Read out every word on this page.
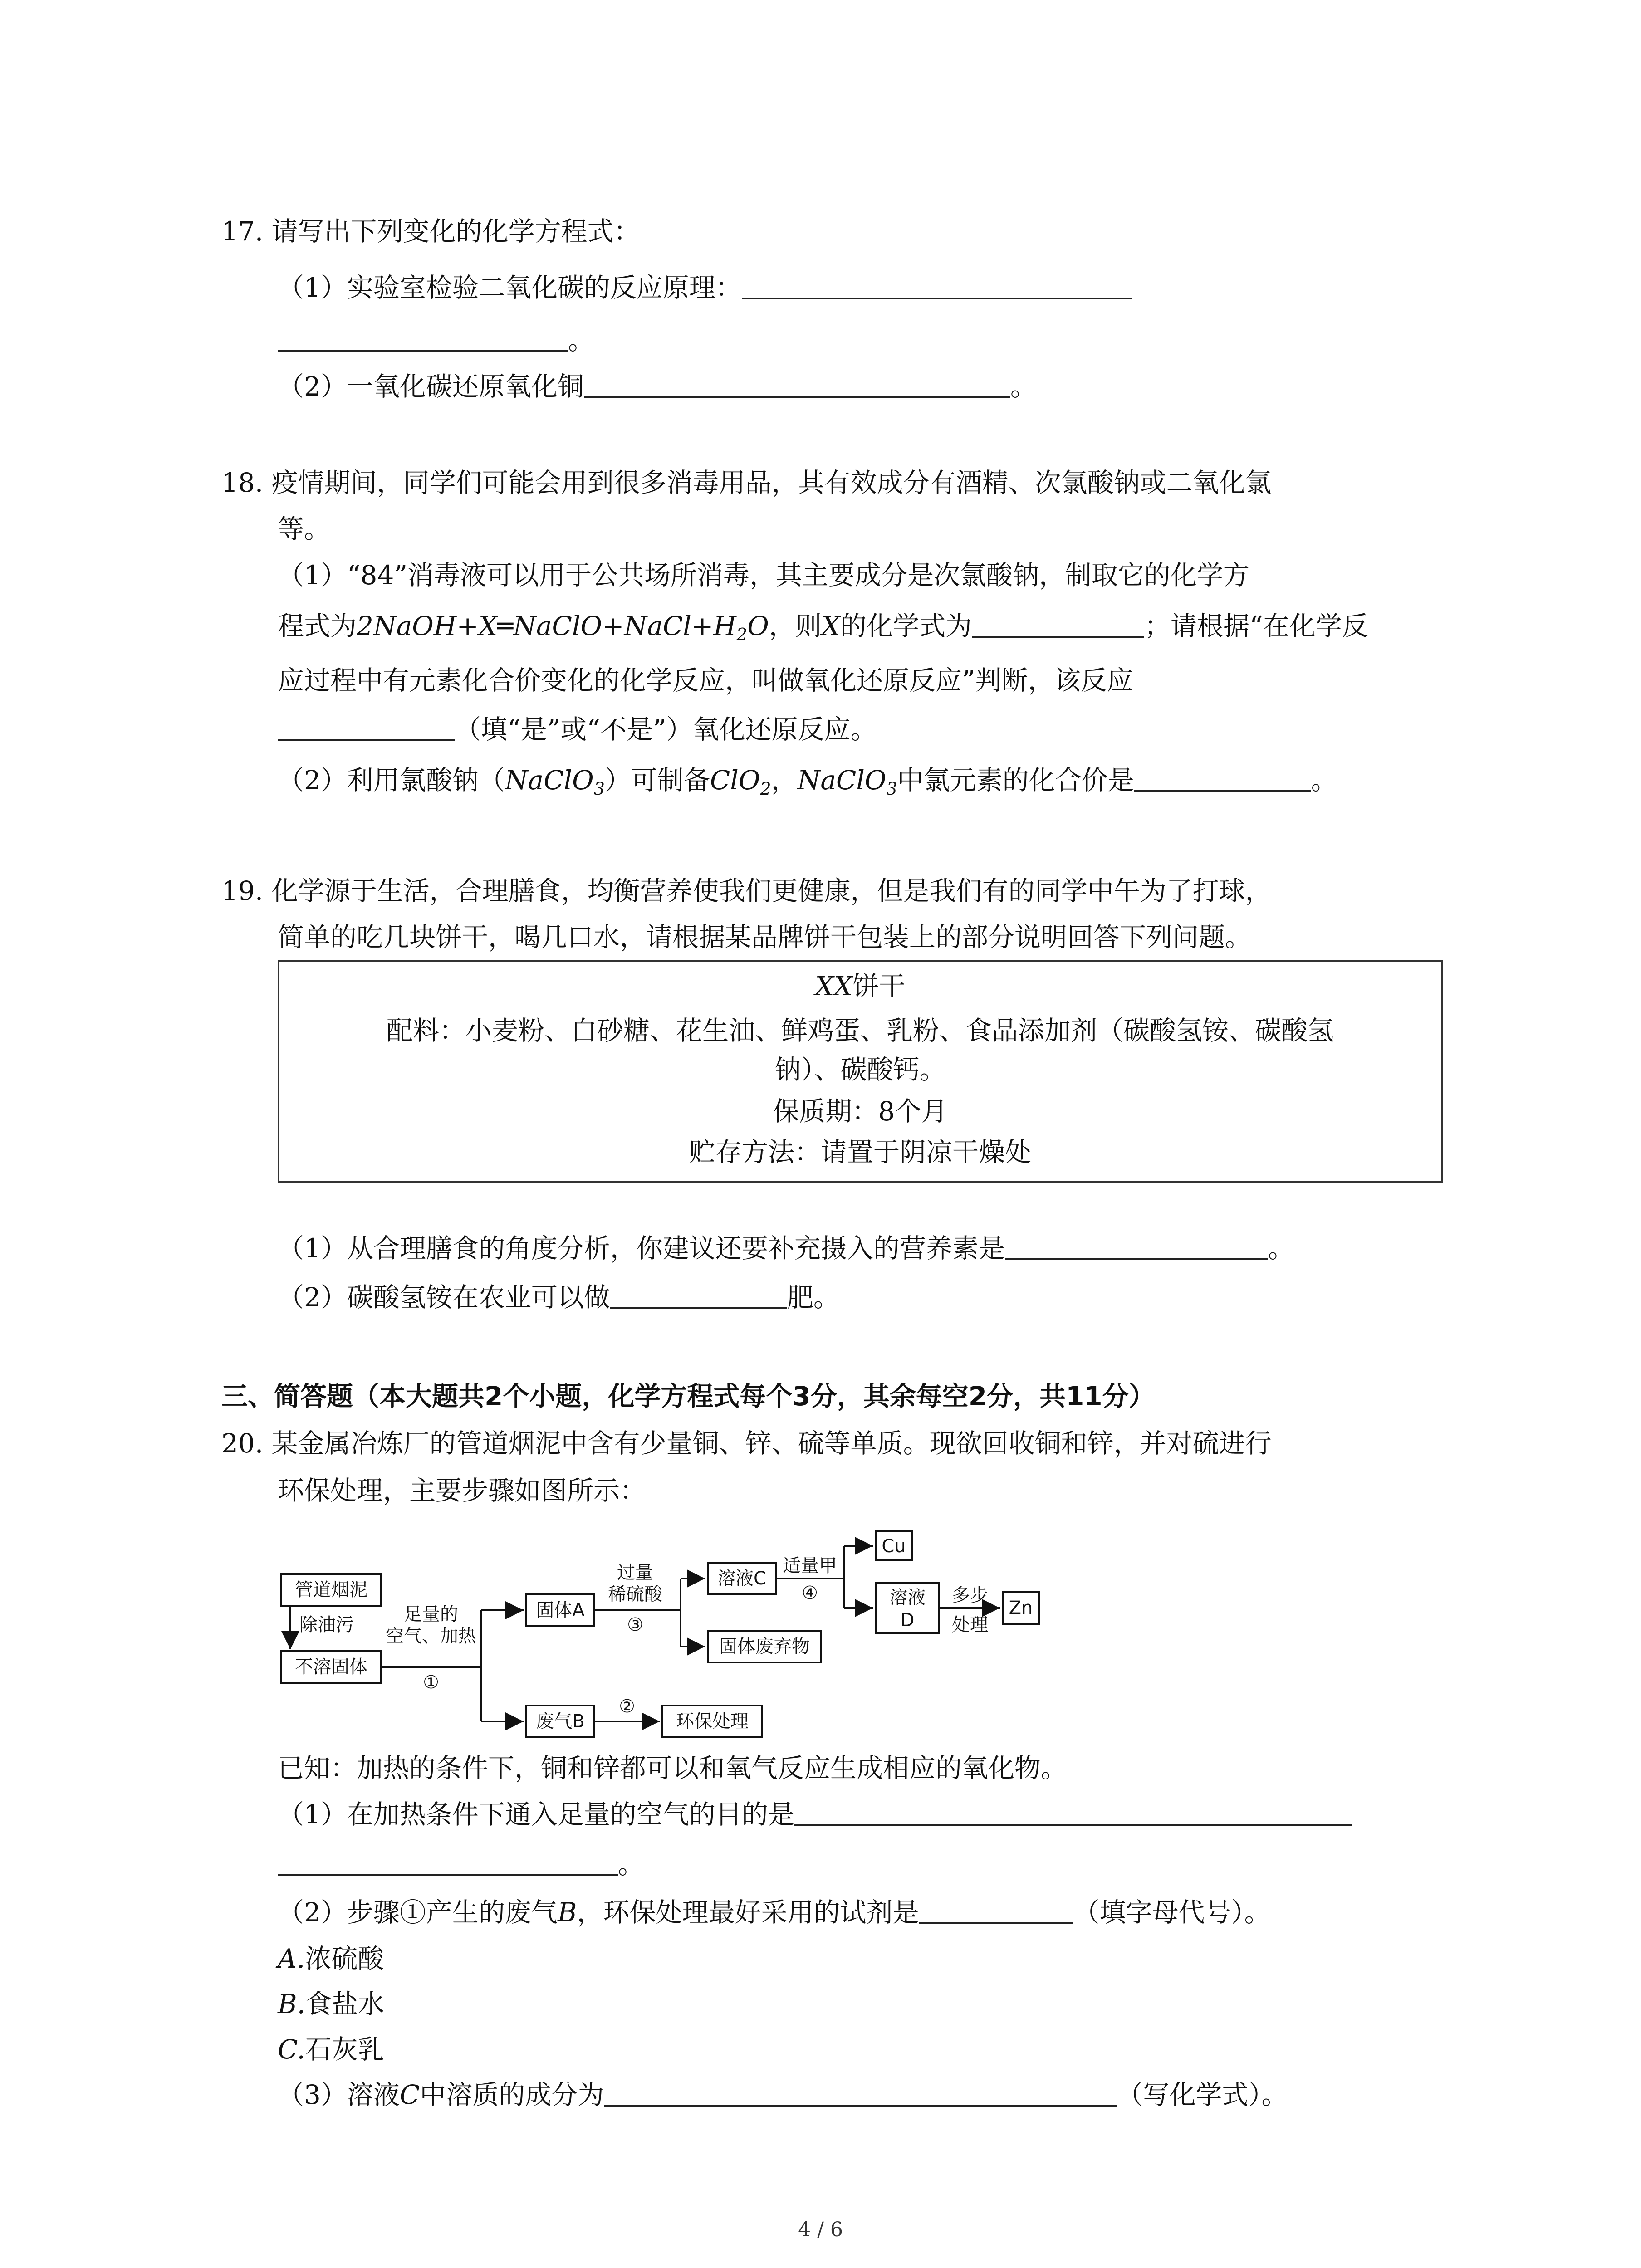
17. 请写出下列变化的化学方程式：
（1）实验室检验二氧化碳的反应原理：
。
（2）一氧化碳还原氧化铜	。
18. 疫情期间，同学们可能会用到很多消毒用品，其有效成分有酒精、次氯酸钠或二氧化氯
等。
（1）“84”消毒液可以用于公共场所消毒，其主要成分是次氯酸钠，制取它的化学方
程式为$2NaOH+X═NaClO+NaCl+H_2O$，则X的化学式为	；请根据“在化学反
应过程中有元素化合价变化的化学反应，叫做氧化还原反应”判断，该反应
（填“是”或“不是”）氧化还原反应。
（2）利用氯酸钠（NaClO$_3$）可制备ClO$_2$，NaClO$_3$中氯元素的化合价是	。
19. 化学源于生活，合理膳食，均衡营养使我们更健康，但是我们有的同学中午为了打球，
简单的吃几块饼干，喝几口水，请根据某品牌饼干包装上的部分说明回答下列问题。
XX饼干
配料：小麦粉、白砂糖、花生油、鲜鸡蛋、乳粉、食品添加剂（碳酸氢铵、碳酸氢
钠）、碳酸钙。
保质期：8个月
贮存方法：请置于阴凉干燥处
（1）从合理膳食的角度分析，你建议还要补充摄入的营养素是	。
（2）碳酸氢铵在农业可以做	肥。
三、简答题（本大题共2个小题，化学方程式每个3分，其余每空2分，共11分）
20. 某金属冶炼厂的管道烟泥中含有少量铜、锌、硫等单质。现欲回收铜和锌，并对硫进行
环保处理，主要步骤如图所示：
管道烟泥
不溶固体
除油污	足量的
空气、加热
①
固体A
过量
稀硫酸
③
溶液C
适量甲
④
Cu
溶液
D
多步
处理
Zn
固体废弃物
废气B
②
环保处理
已知：加热的条件下，铜和锌都可以和氧气反应生成相应的氧化物。
（1）在加热条件下通入足量的空气的目的是
。
（2）步骤①产生的废气B，环保处理最好采用的试剂是	（填字母代号）。
A.浓硫酸
B.食盐水
C.石灰乳
（3）溶液C中溶质的成分为	（写化学式）。
4 / 6
